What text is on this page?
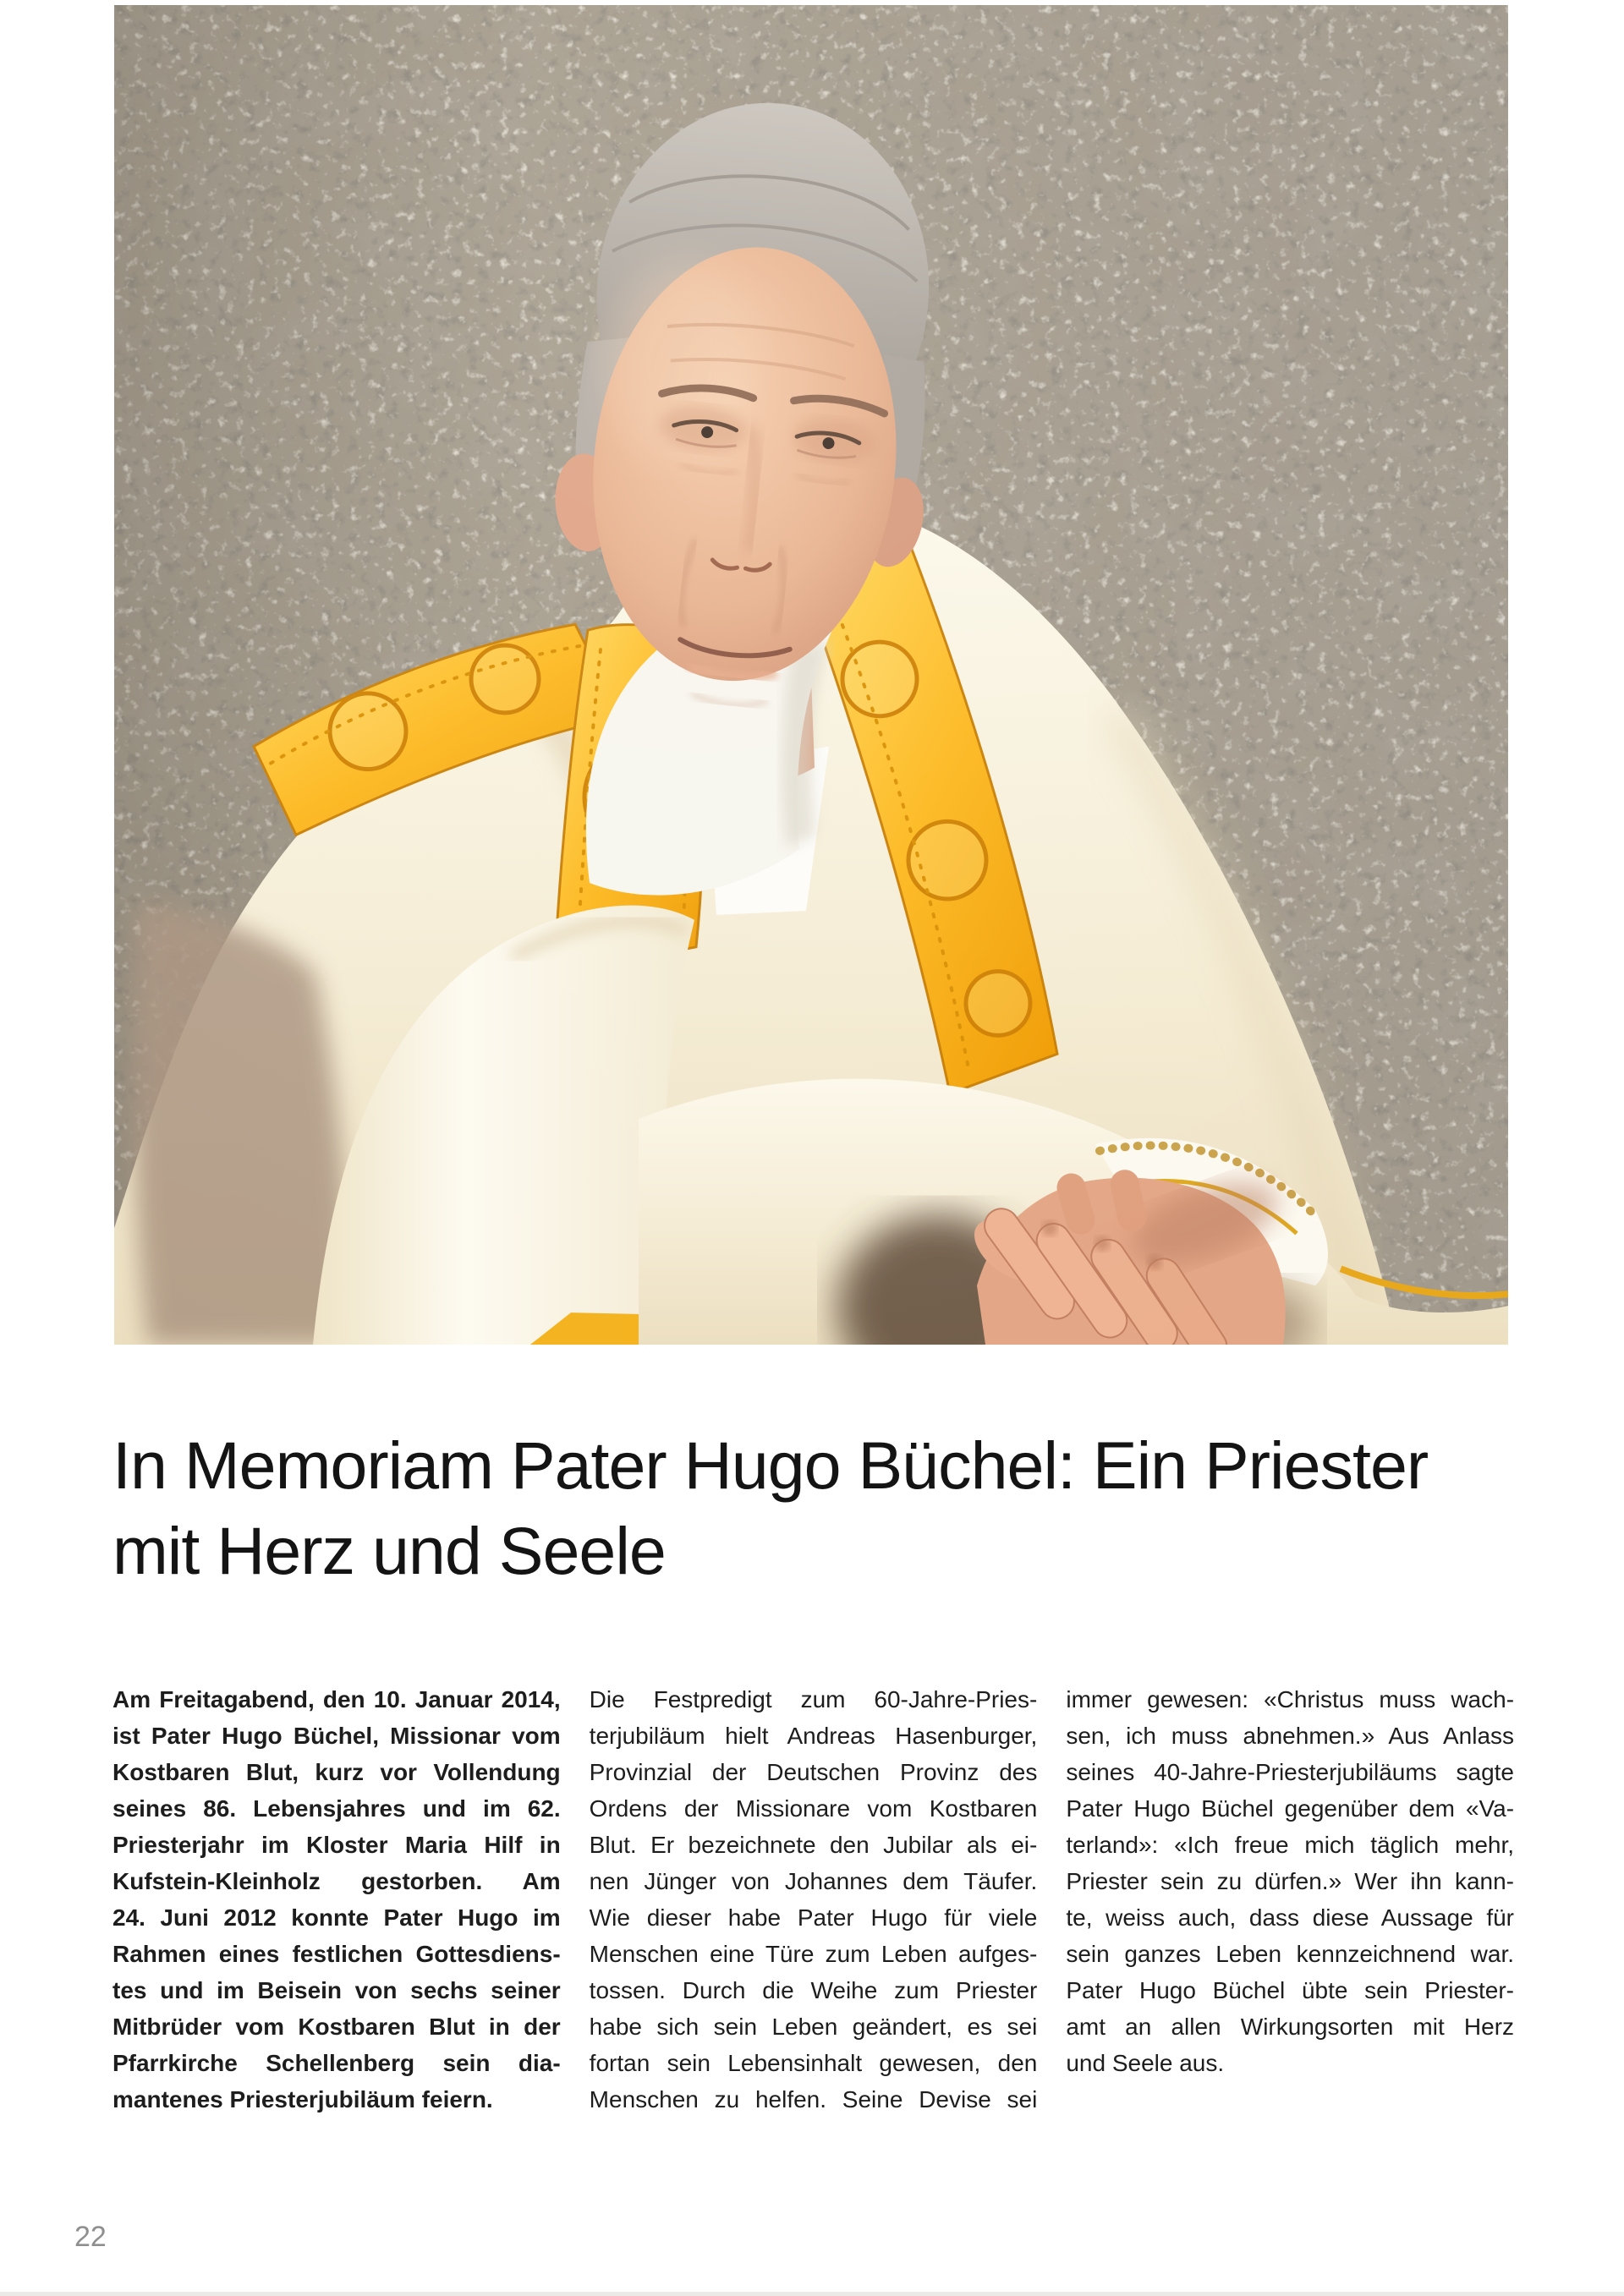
In Memoriam Pater Hugo Büchel: Ein Priester
mit Herz und Seele
Am Freitagabend, den 10. Januar 2014,
ist Pater Hugo Büchel, Missionar vom
Kostbaren Blut, kurz vor Vollendung
seines 86. Lebensjahres und im 62.
Priesterjahr im Kloster Maria Hilf in
Kufstein-Kleinholz gestorben. Am
24. Juni 2012 konnte Pater Hugo im
Rahmen eines festlichen Gottesdiens-
tes und im Beisein von sechs seiner
Mitbrüder vom Kostbaren Blut in der
Pfarrkirche Schellenberg sein dia-
mantenes Priesterjubiläum feiern.
Die Festpredigt zum 60-Jahre-Pries-
terjubiläum hielt Andreas Hasenburger,
Provinzial der Deutschen Provinz des
Ordens der Missionare vom Kostbaren
Blut. Er bezeichnete den Jubilar als ei-
nen Jünger von Johannes dem Täufer.
Wie dieser habe Pater Hugo für viele
Menschen eine Türe zum Leben aufges-
tossen. Durch die Weihe zum Priester
habe sich sein Leben geändert, es sei
fortan sein Lebensinhalt gewesen, den
Menschen zu helfen. Seine Devise sei
immer gewesen: «Christus muss wach-
sen, ich muss abnehmen.» Aus Anlass
seines 40-Jahre-Priesterjubiläums sagte
Pater Hugo Büchel gegenüber dem «Va-
terland»: «Ich freue mich täglich mehr,
Priester sein zu dürfen.» Wer ihn kann-
te, weiss auch, dass diese Aussage für
sein ganzes Leben kennzeichnend war.
Pater Hugo Büchel übte sein Priester-
amt an allen Wirkungsorten mit Herz
und Seele aus.
22
